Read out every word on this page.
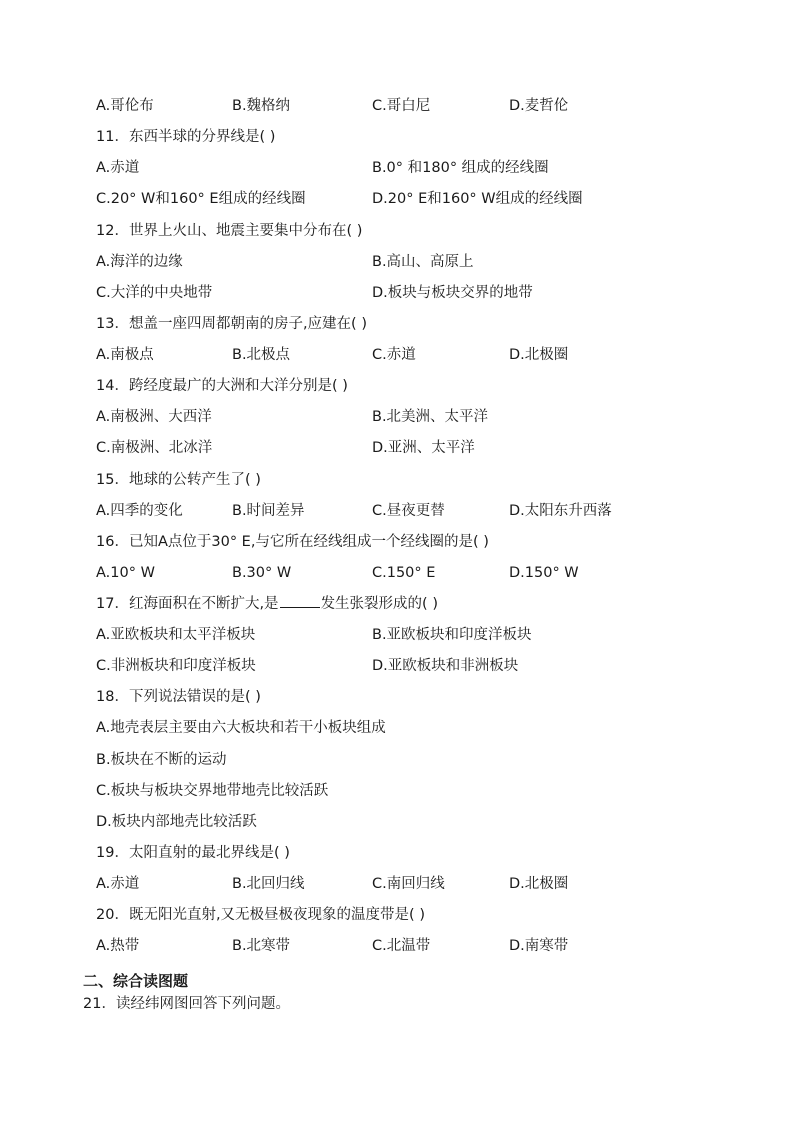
A.哥伦布	B.魏格纳	C.哥白尼	D.麦哲伦
11．东西半球的分界线是( )
A.赤道	B.0° 和180° 组成的经线圈
C.20° W和160° E组成的经线圈	D.20° E和160° W组成的经线圈
12．世界上火山、地震主要集中分布在( )
A.海洋的边缘	B.高山、高原上
C.大洋的中央地带	D.板块与板块交界的地带
13．想盖一座四周都朝南的房子,应建在( )
A.南极点	B.北极点	C.赤道	D.北极圈
14．跨经度最广的大洲和大洋分别是( )
A.南极洲、大西洋	B.北美洲、太平洋
C.南极洲、北冰洋	D.亚洲、太平洋
15．地球的公转产生了( )
A.四季的变化	B.时间差异	C.昼夜更替	D.太阳东升西落
16．已知A点位于30° E,与它所在经线组成一个经线圈的是( )
A.10° W	B.30° W	C.150° E	D.150° W
17．红海面积在不断扩大,是	发生张裂形成的( )
A.亚欧板块和太平洋板块	B.亚欧板块和印度洋板块
C.非洲板块和印度洋板块	D.亚欧板块和非洲板块
18．下列说法错误的是( )
A.地壳表层主要由六大板块和若干小板块组成
B.板块在不断的运动
C.板块与板块交界地带地壳比较活跃
D.板块内部地壳比较活跃
19．太阳直射的最北界线是( )
A.赤道	B.北回归线	C.南回归线	D.北极圈
20．既无阳光直射,又无极昼极夜现象的温度带是( )
A.热带	B.北寒带	C.北温带	D.南寒带
二、综合读图题
21．读经纬网图回答下列问题。
